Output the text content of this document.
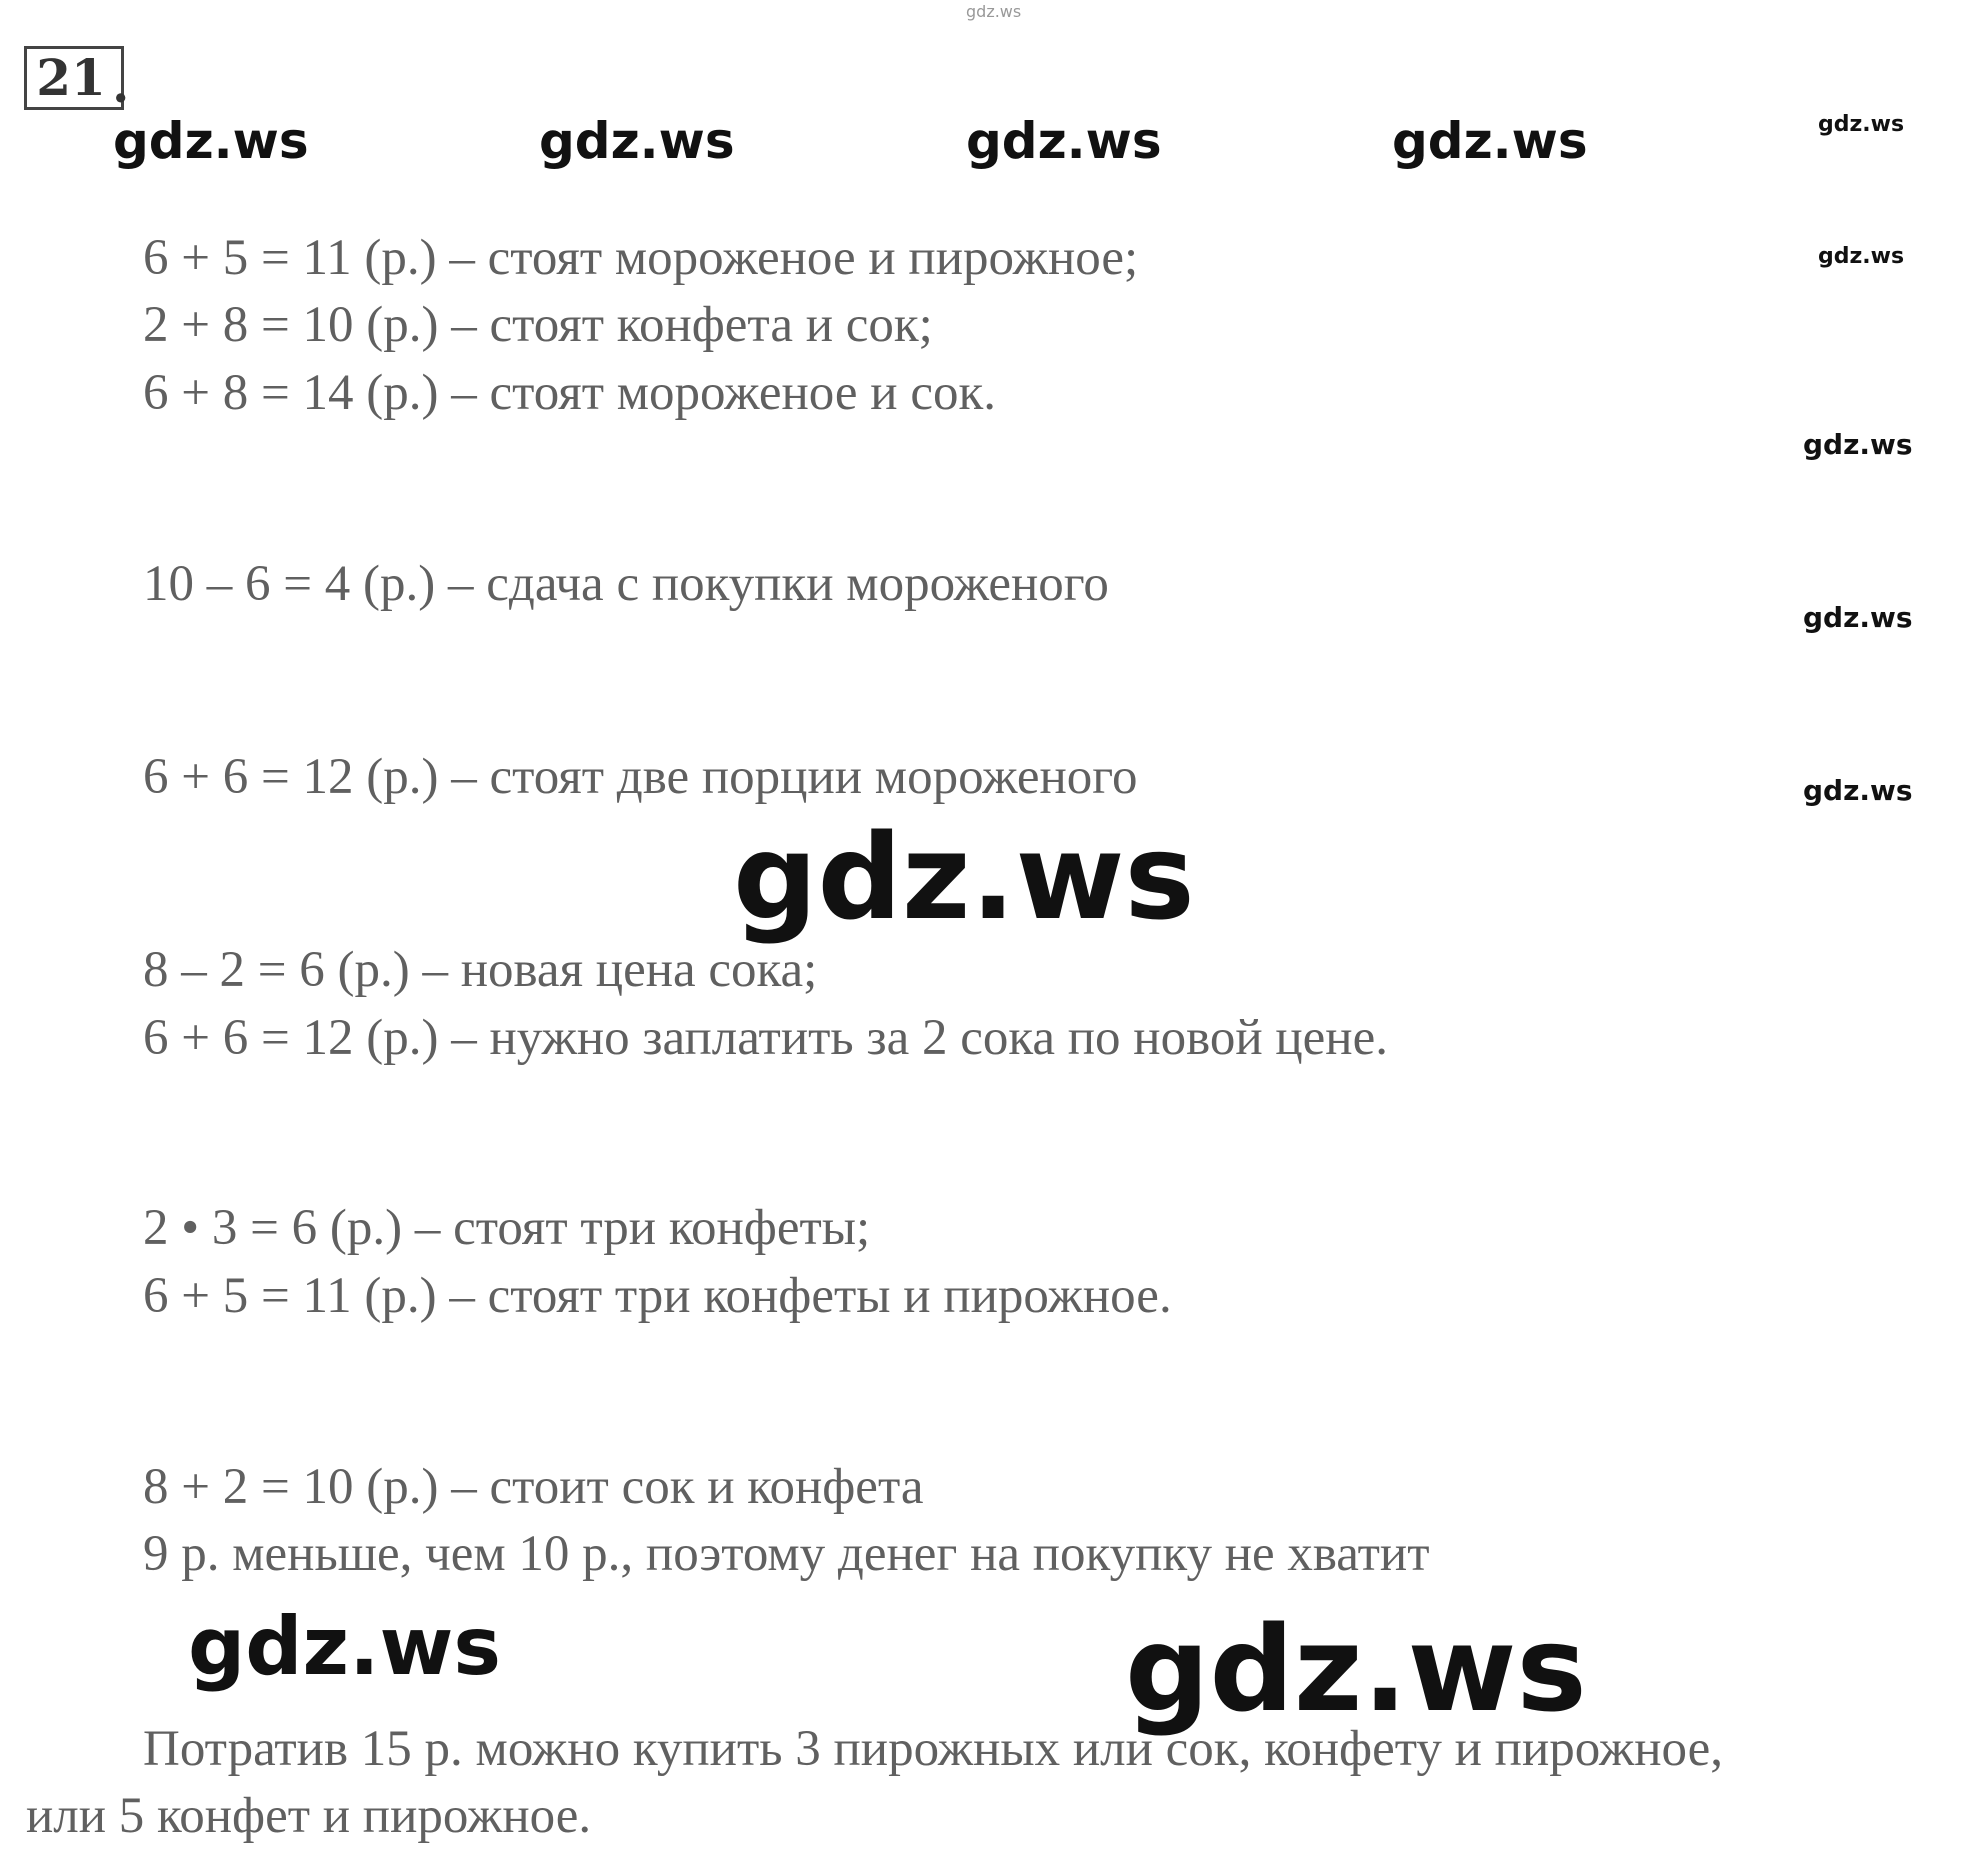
21 .
gdz.ws
gdz.ws	gdz.ws	gdz.ws	gdz.ws	gdz.ws
gdz.ws
gdz.ws
gdz.ws
gdz.ws
6 + 5 = 11 (р.) – стоят мороженое и пирожное;
2 + 8 = 10 (р.) – стоят конфета и сок;
6 + 8 = 14 (р.) – стоят мороженое и сок.
10 – 6 = 4 (р.) – сдача с покупки мороженого
6 + 6 = 12 (р.) – стоят две порции мороженого
8 – 2 = 6 (р.) – новая цена сока;
6 + 6 = 12 (р.) – нужно заплатить за 2 сока по новой цене.
2 • 3 = 6 (р.) – стоят три конфеты;
6 + 5 = 11 (р.) – стоят три конфеты и пирожное.
8 + 2 = 10 (р.) – стоит сок и конфета
9 р. меньше, чем 10 р., поэтому денег на покупку не хватит
Потратив 15 р. можно купить 3 пирожных или сок, конфету и пирожное,
или 5 конфет и пирожное.
gdz.ws
gdz.ws	gdz.ws
